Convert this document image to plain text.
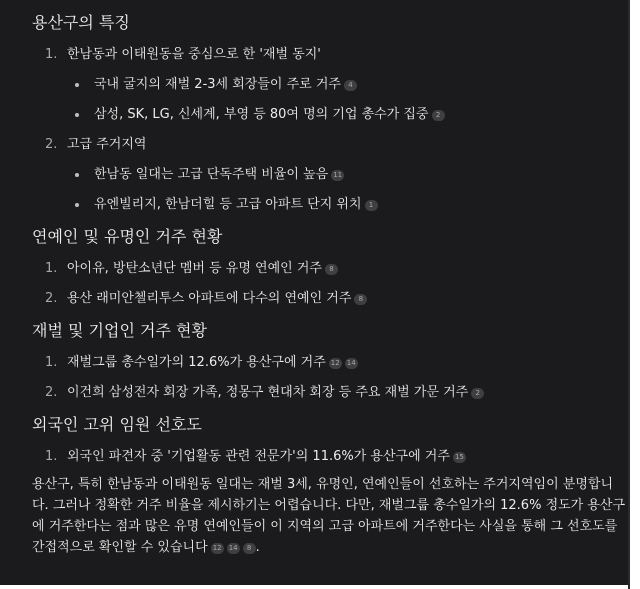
용산구의 특징
1. 한남동과 이태원동을 중심으로 한 '재벌 동지'
국내 굴지의 재벌 2-3세 회장들이 주로 거주 4
삼성, SK, LG, 신세계, 부영 등 80여 명의 기업 총수가 집중 2
2. 고급 주거지역
한남동 일대는 고급 단독주택 비율이 높음 11
유엔빌리지, 한남더힐 등 고급 아파트 단지 위치 1
연예인 및 유명인 거주 현황
1. 아이유, 방탄소년단 멤버 등 유명 연예인 거주 8
2. 용산 래미안첼리투스 아파트에 다수의 연예인 거주 8
재벌 및 기업인 거주 현황
1. 재벌그룹 총수일가의 12.6%가 용산구에 거주 12 14
2. 이건희 삼성전자 회장 가족, 정몽구 현대차 회장 등 주요 재벌 가문 거주 2
외국인 고위 임원 선호도
1. 외국인 파견자 중 '기업활동 관련 전문가'의 11.6%가 용산구에 거주 15

용산구, 특히 한남동과 이태원동 일대는 재벌 3세, 유명인, 연예인들이 선호하는 주거지역임이 분명합니다. 그러나 정확한 거주 비율을 제시하기는 어렵습니다. 다만, 재벌그룹 총수일가의 12.6% 정도가 용산구에 거주한다는 점과 많은 유명 연예인들이 이 지역의 고급 아파트에 거주한다는 사실을 통해 그 선호도를 간접적으로 확인할 수 있습니다 12 14 8 .
